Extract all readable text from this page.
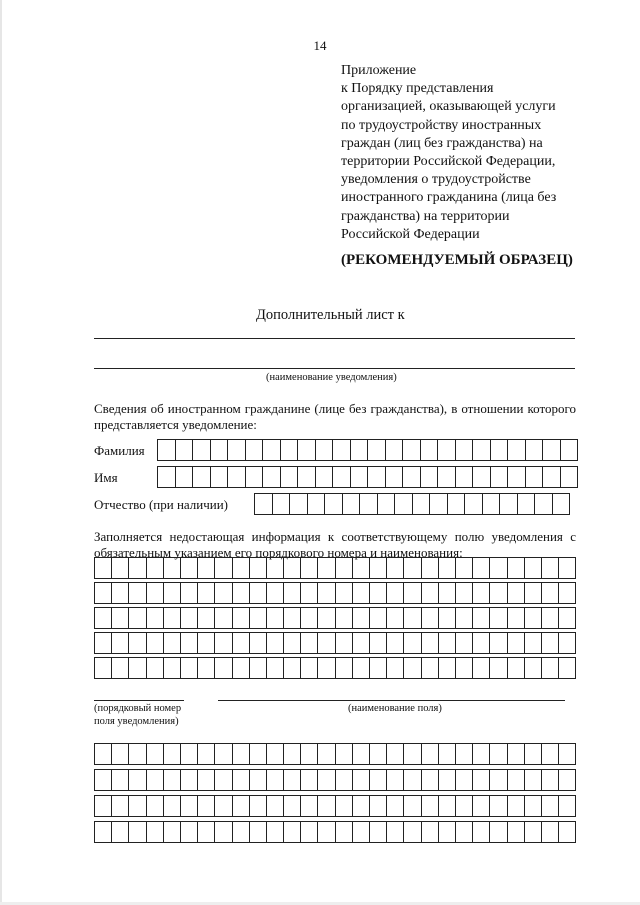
14
Приложение
к Порядку представления
организацией, оказывающей услуги
по трудоустройству иностранных
граждан (лиц без гражданства) на
территории Российской Федерации,
уведомления о трудоустройстве
иностранного гражданина (лица без
гражданства) на территории
Российской Федерации
(РЕКОМЕНДУЕМЫЙ ОБРАЗЕЦ)
Дополнительный лист к
(наименование уведомления)
Сведения об иностранном гражданине (лице без гражданства), в отношении которого представляется уведомление:
Фамилия
Имя
Отчество (при наличии)
Заполняется недостающая информация к соответствующему полю уведомления с обязательным указанием его порядкового номера и наименования:
(порядковый номер
поля уведомления)
(наименование поля)
